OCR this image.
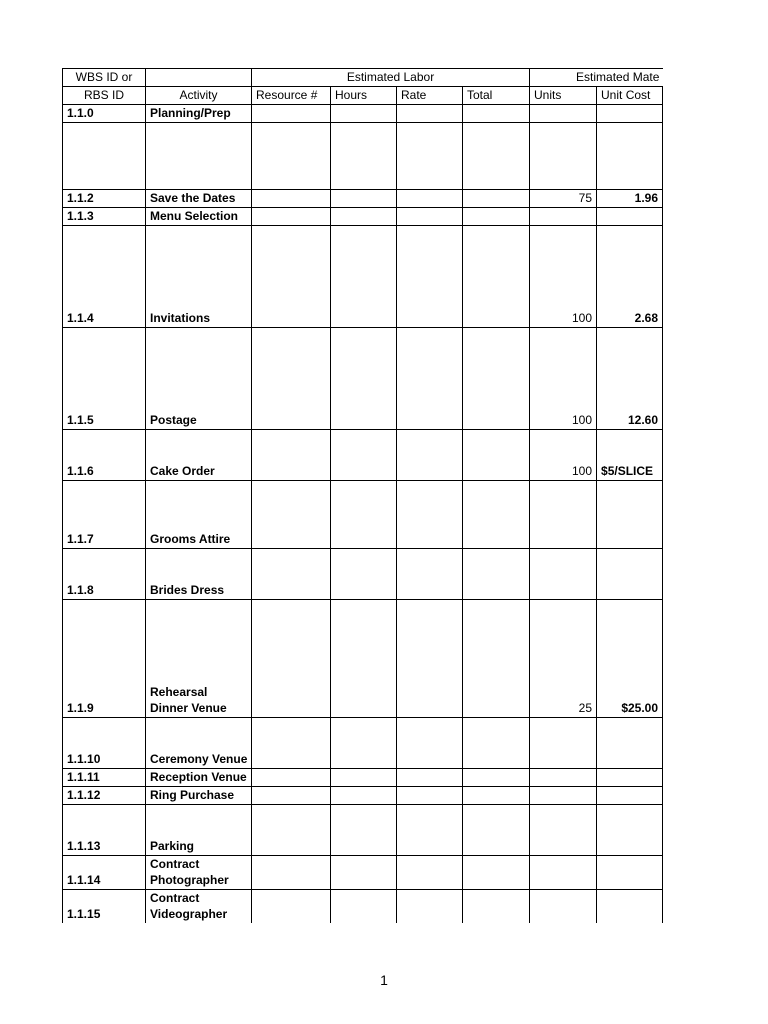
WBS ID or		Estimated Labor				Estimated Mate		
RBS ID	Activity	Resource #	Hours	Rate	Total	Units	Unit Cost	
1.1.0	Planning/Prep							

1.1.2	Save the Dates					75	1.96	
1.1.3	Menu Selection							
1.1.4	Invitations					100	2.68	
1.1.5	Postage					100	12.60	
1.1.6	Cake Order					100	$5/SLICE	
1.1.7	Grooms Attire							
1.1.8	Brides Dress							
1.1.9	Rehearsal Dinner Venue					25	$25.00	
1.1.10	Ceremony Venue							
1.1.11	Reception Venue							
1.1.12	Ring Purchase							
1.1.13	Parking							
1.1.14	Contract Photographer							
1.1.15	Contract Videographer							
1
